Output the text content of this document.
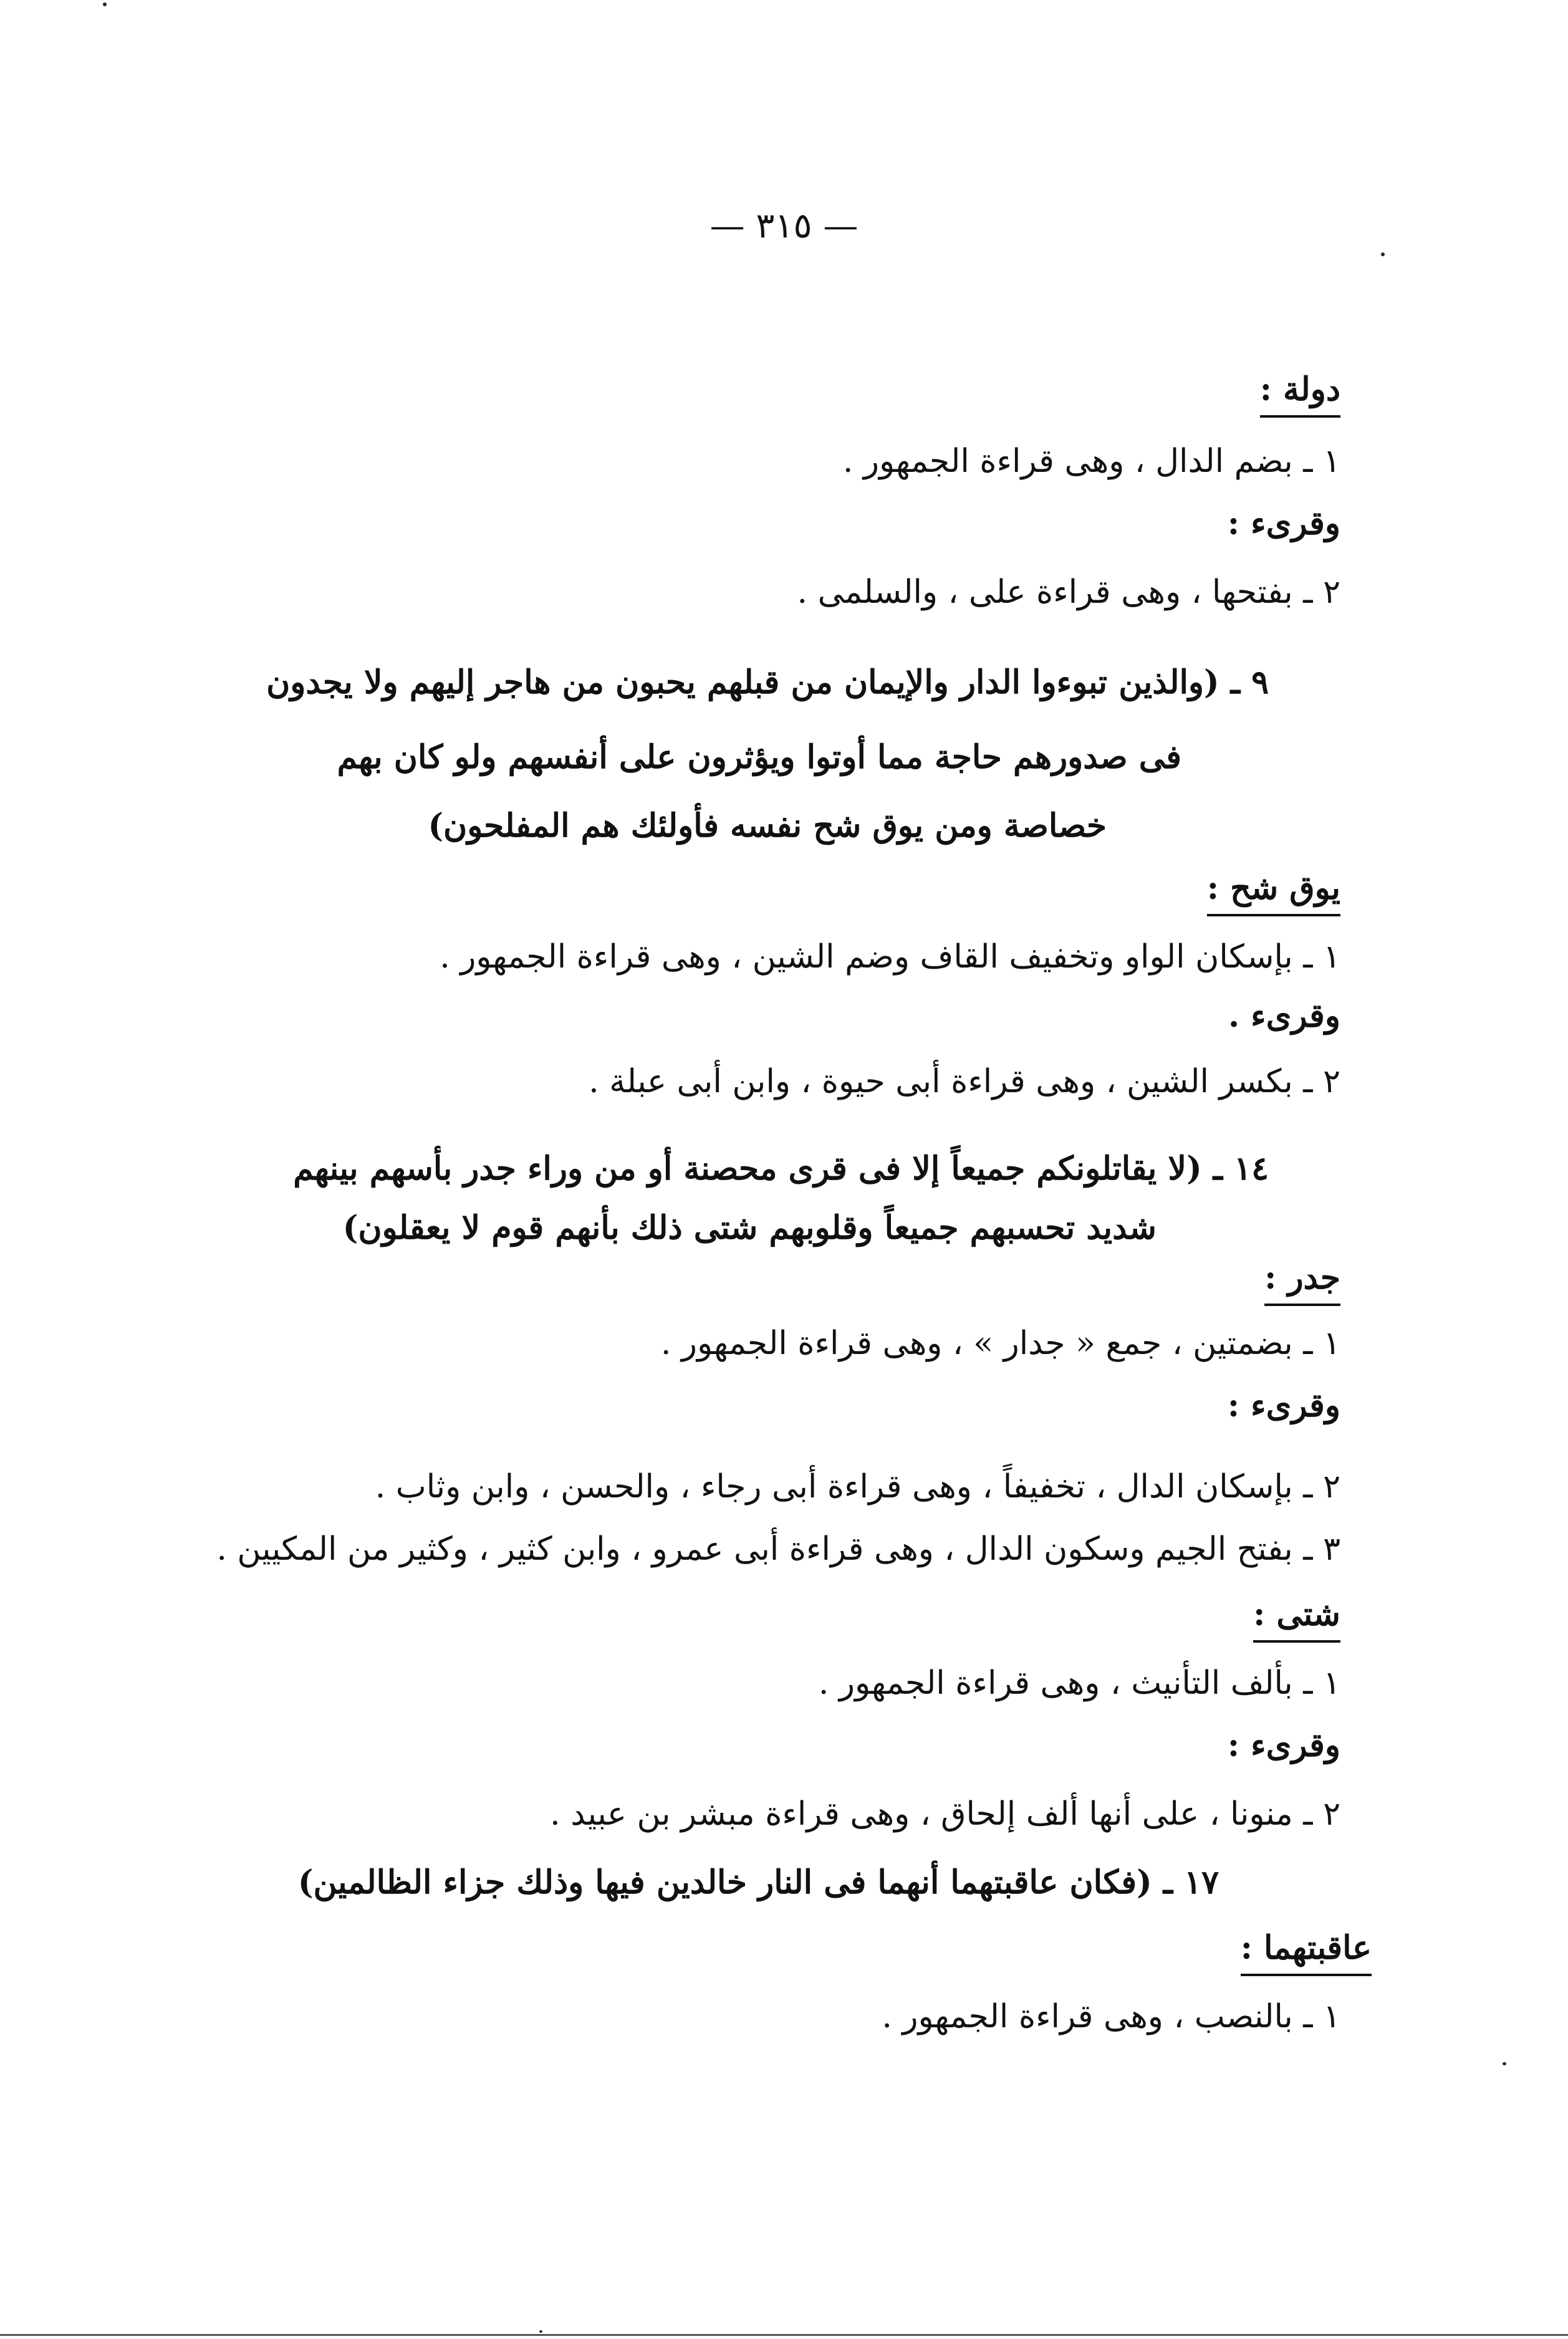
— ٣١٥ —
دولة :
١ ـ بضم الدال ، وهى قراءة الجمهور .
وقرىء :
٢ ـ بفتحها ، وهى قراءة على ، والسلمى .
٩ ـ (والذين تبوءوا الدار والإيمان من قبلهم يحبون من هاجر إليهم ولا يجدون
فى صدورهم حاجة مما أوتوا ويؤثرون على أنفسهم ولو كان بهم
خصاصة ومن يوق شح نفسه فأولئك هم المفلحون)
يوق شح :
١ ـ بإسكان الواو وتخفيف القاف وضم الشين ، وهى قراءة الجمهور .
وقرىء .
٢ ـ بكسر الشين ، وهى قراءة أبى حيوة ، وابن أبى عبلة .
١٤ ـ (لا يقاتلونكم جميعاً إلا فى قرى محصنة أو من وراء جدر بأسهم بينهم
شديد تحسبهم جميعاً وقلوبهم شتى ذلك بأنهم قوم لا يعقلون)
جدر :
١ ـ بضمتين ، جمع « جدار » ، وهى قراءة الجمهور .
وقرىء :
٢ ـ بإسكان الدال ، تخفيفاً ، وهى قراءة أبى رجاء ، والحسن ، وابن وثاب .
٣ ـ بفتح الجيم وسكون الدال ، وهى قراءة أبى عمرو ، وابن كثير ، وكثير من المكيين .
شتى :
١ ـ بألف التأنيث ، وهى قراءة الجمهور .
وقرىء :
٢ ـ منونا ، على أنها ألف إلحاق ، وهى قراءة مبشر بن عبيد .
١٧ ـ (فكان عاقبتهما أنهما فى النار خالدين فيها وذلك جزاء الظالمين)
عاقبتهما :
١ ـ بالنصب ، وهى قراءة الجمهور .
